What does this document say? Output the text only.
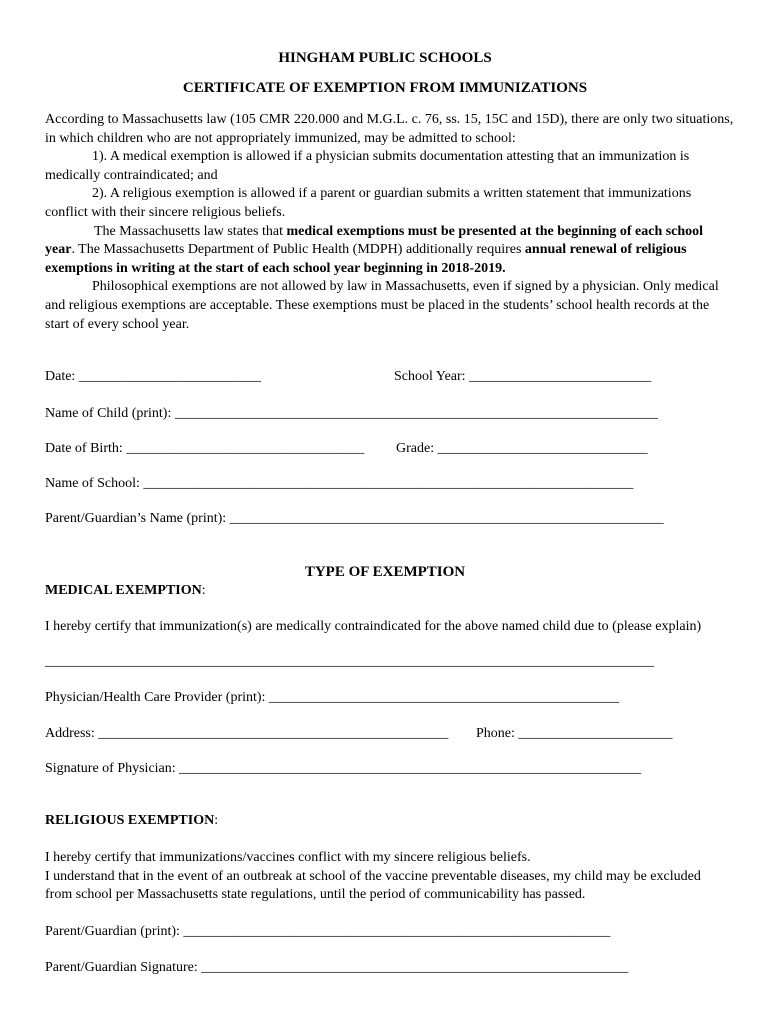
HINGHAM PUBLIC SCHOOLS
CERTIFICATE OF EXEMPTION FROM IMMUNIZATIONS

According to Massachusetts law (105 CMR 220.000 and M.G.L. c. 76, ss. 15, 15C and 15D), there are only two situations, in which children who are not appropriately immunized, may be admitted to school:

1). A medical exemption is allowed if a physician submits documentation attesting that an immunization is medically contraindicated; and

2). A religious exemption is allowed if a parent or guardian submits a written statement that immunizations conflict with their sincere religious beliefs.

The Massachusetts law states that medical exemptions must be presented at the beginning of each school year. The Massachusetts Department of Public Health (MDPH) additionally requires annual renewal of religious exemptions in writing at the start of each school year beginning in 2018-2019.

Philosophical exemptions are not allowed by law in Massachusetts, even if signed by a physician. Only medical and religious exemptions are acceptable. These exemptions must be placed in the students’ school health records at the start of every school year.

Date: __________________________	School Year: __________________________
Name of Child (print): _____________________________________________________________________
Date of Birth: __________________________________ Grade: ______________________________
Name of School: ______________________________________________________________________
Parent/Guardian’s Name (print): ______________________________________________________________
TYPE OF EXEMPTION
MEDICAL EXEMPTION:
I hereby certify that immunization(s) are medically contraindicated for the above named child due to (please explain)
_______________________________________________________________________________________
Physician/Health Care Provider (print): __________________________________________________
Address: __________________________________________________ Phone: ______________________
Signature of Physician: __________________________________________________________________
RELIGIOUS EXEMPTION:

I hereby certify that immunizations/vaccines conflict with my sincere religious beliefs.

I understand that in the event of an outbreak at school of the vaccine preventable diseases, my child may be excluded from school per Massachusetts state regulations, until the period of communicability has passed.

Parent/Guardian (print): _____________________________________________________________
Parent/Guardian Signature: _____________________________________________________________
